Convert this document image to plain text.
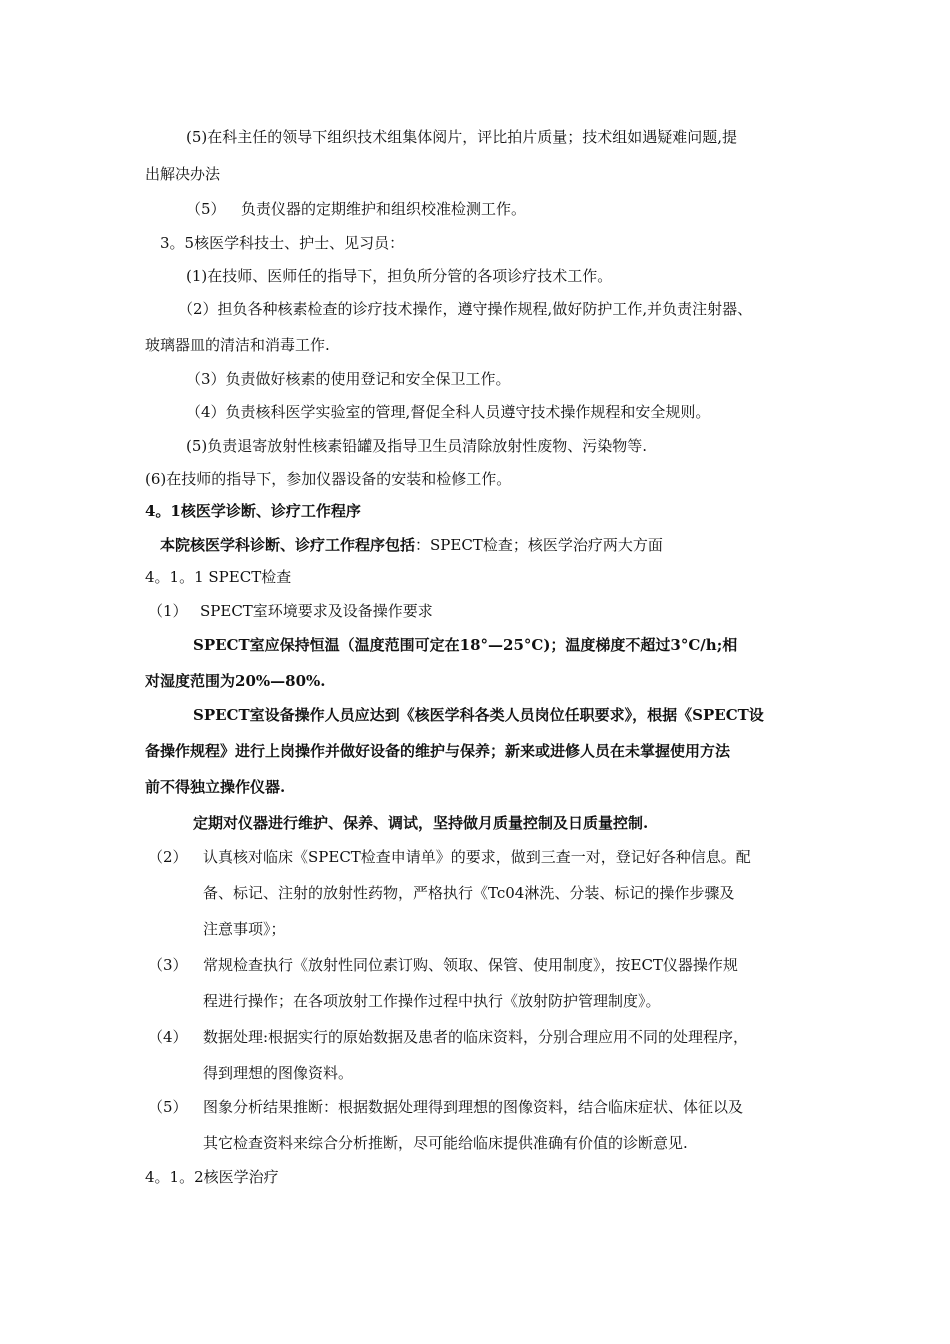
(5)在科主任的领导下组织技术组集体阅片，评比拍片质量；技术组如遇疑难问题,提
出解决办法
（5） 负责仪器的定期维护和组织校准检测工作。
3。5核医学科技士、护士、见习员：
(1)在技师、医师任的指导下，担负所分管的各项诊疗技术工作。
（2）担负各种核素检查的诊疗技术操作，遵守操作规程,做好防护工作,并负责注射器、
玻璃器皿的清洁和消毒工作.
（3）负责做好核素的使用登记和安全保卫工作。
（4）负责核科医学实验室的管理,督促全科人员遵守技术操作规程和安全规则。
(5)负责退寄放射性核素铅罐及指导卫生员清除放射性废物、污染物等.
(6)在技师的指导下，参加仪器设备的安装和检修工作。
4。1核医学诊断、诊疗工作程序
本院核医学科诊断、诊疗工作程序包括：SPECT检查；核医学治疗两大方面
4。1。1 SPECT检查
（1） SPECT室环境要求及设备操作要求
SPECT室应保持恒温（温度范围可定在18°—25°C)；温度梯度不超过3°C/h;相
对湿度范围为20%—80%.
SPECT室设备操作人员应达到《核医学科各类人员岗位任职要求》，根据《SPECT设
备操作规程》进行上岗操作并做好设备的维护与保养；新来或进修人员在未掌握使用方法
前不得独立操作仪器.
定期对仪器进行维护、保养、调试，坚持做月质量控制及日质量控制.
（2） 认真核对临床《SPECT检查申请单》的要求，做到三查一对，登记好各种信息。配
备、标记、注射的放射性药物，严格执行《Tc04淋洗、分装、标记的操作步骤及
注意事项》；
（3） 常规检查执行《放射性同位素订购、领取、保管、使用制度》，按ECT仪器操作规
程进行操作；在各项放射工作操作过程中执行《放射防护管理制度》。
（4） 数据处理:根据实行的原始数据及患者的临床资料，分别合理应用不同的处理程序，
得到理想的图像资料。
（5） 图象分析结果推断：根据数据处理得到理想的图像资料，结合临床症状、体征以及
其它检查资料来综合分析推断，尽可能给临床提供准确有价值的诊断意见.
4。1。2核医学治疗
